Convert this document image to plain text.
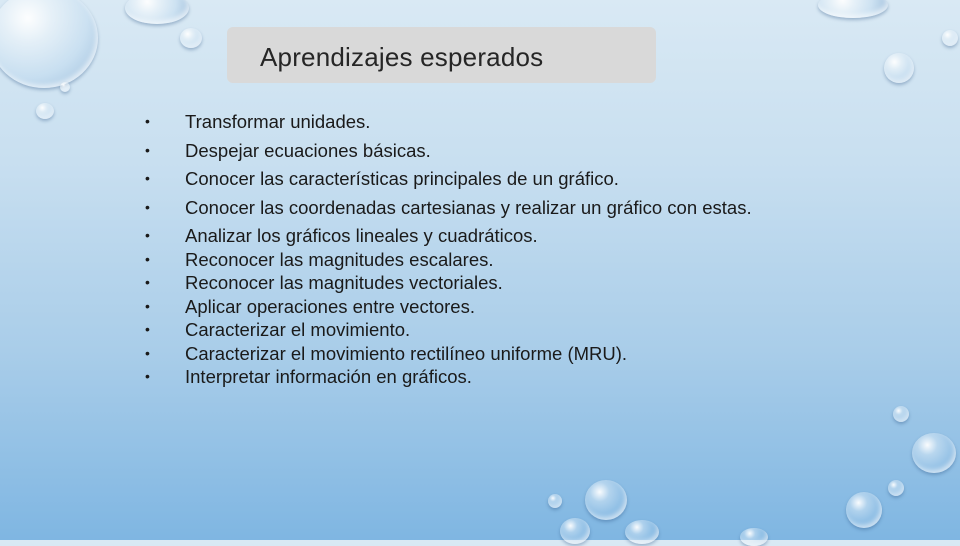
Aprendizajes esperados
•	Transformar unidades.
•	Despejar ecuaciones básicas.
•	Conocer las características principales de un gráfico.
•	Conocer las coordenadas cartesianas y realizar un gráfico con estas.
•	Analizar los gráficos lineales y cuadráticos.
•	Reconocer las magnitudes escalares.
•	Reconocer las magnitudes vectoriales.
•	Aplicar operaciones entre vectores.
•	Caracterizar el movimiento.
•	Caracterizar el movimiento rectilíneo uniforme (MRU).
•	Interpretar información en gráficos.
